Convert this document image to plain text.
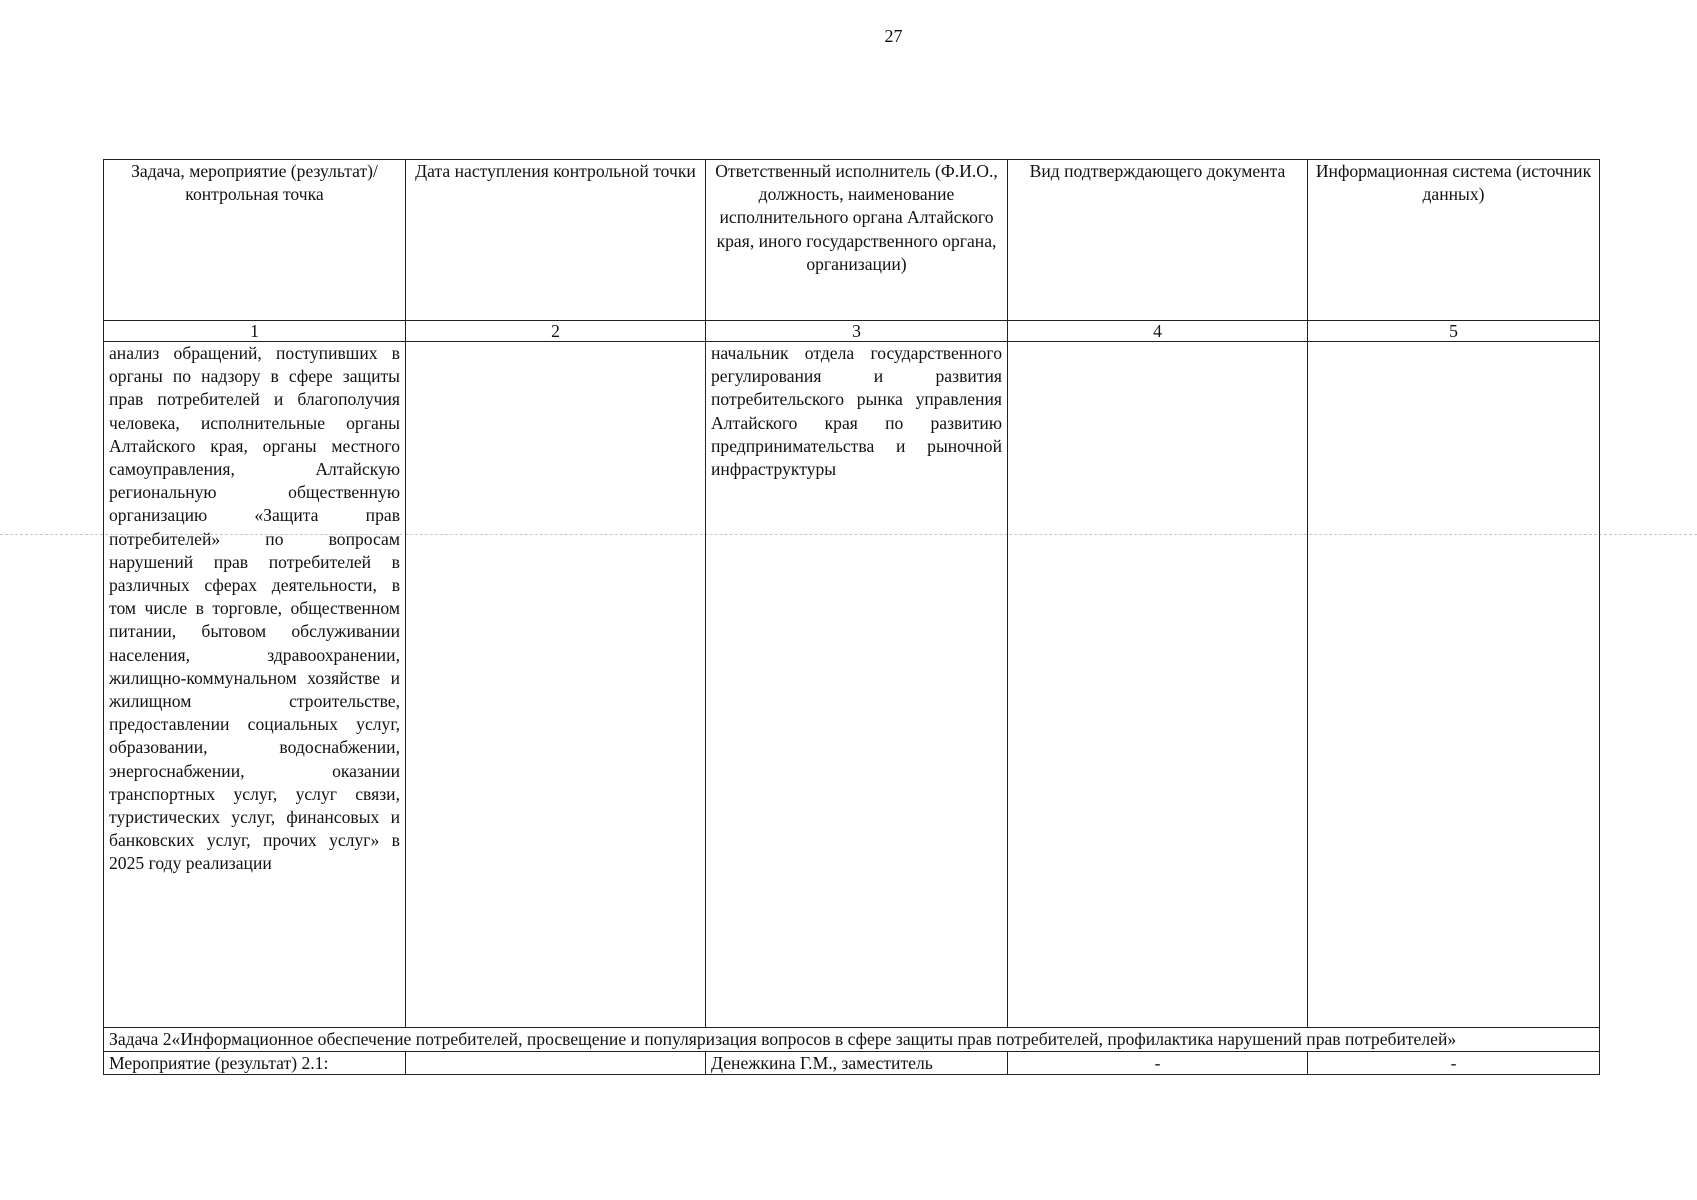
27
Задача, мероприятие (результат)/ контрольная точка	Дата наступления контрольной точки	Ответственный исполнитель (Ф.И.О., должность, наименование исполнительного органа Алтайского края, иного государственного органа, организации)	Вид подтверждающего документа	Информационная система (источник данных)
1	2	3	4	5
анализ обращений, поступивших в органы по надзору в сфере защиты прав потребителей и благополучия человека, исполнительные органы Алтайского края, органы местного самоуправления, Алтайскую региональную общественную организацию «Защита прав потребителей» по вопросам нарушений прав потребителей в различных сферах деятельности, в том числе в торговле, общественном питании, бытовом обслуживании населения, здравоохранении, жилищно-коммунальном хозяйстве и жилищном строительстве, предоставлении социальных услуг, образовании, водоснабжении, энергоснабжении, оказании транспортных услуг, услуг связи, туристических услуг, финансовых и банковских услуг, прочих услуг» в 2025 году реализации		начальник отдела государственного регулирования и развития потребительского рынка управления Алтайского края по развитию предпринимательства и рыночной инфраструктуры		
Задача 2«Информационное обеспечение потребителей, просвещение и популяризация вопросов в сфере защиты прав потребителей, профилактика нарушений прав потребителей»				
Мероприятие (результат) 2.1:		Денежкина Г.М., заместитель	-	-
